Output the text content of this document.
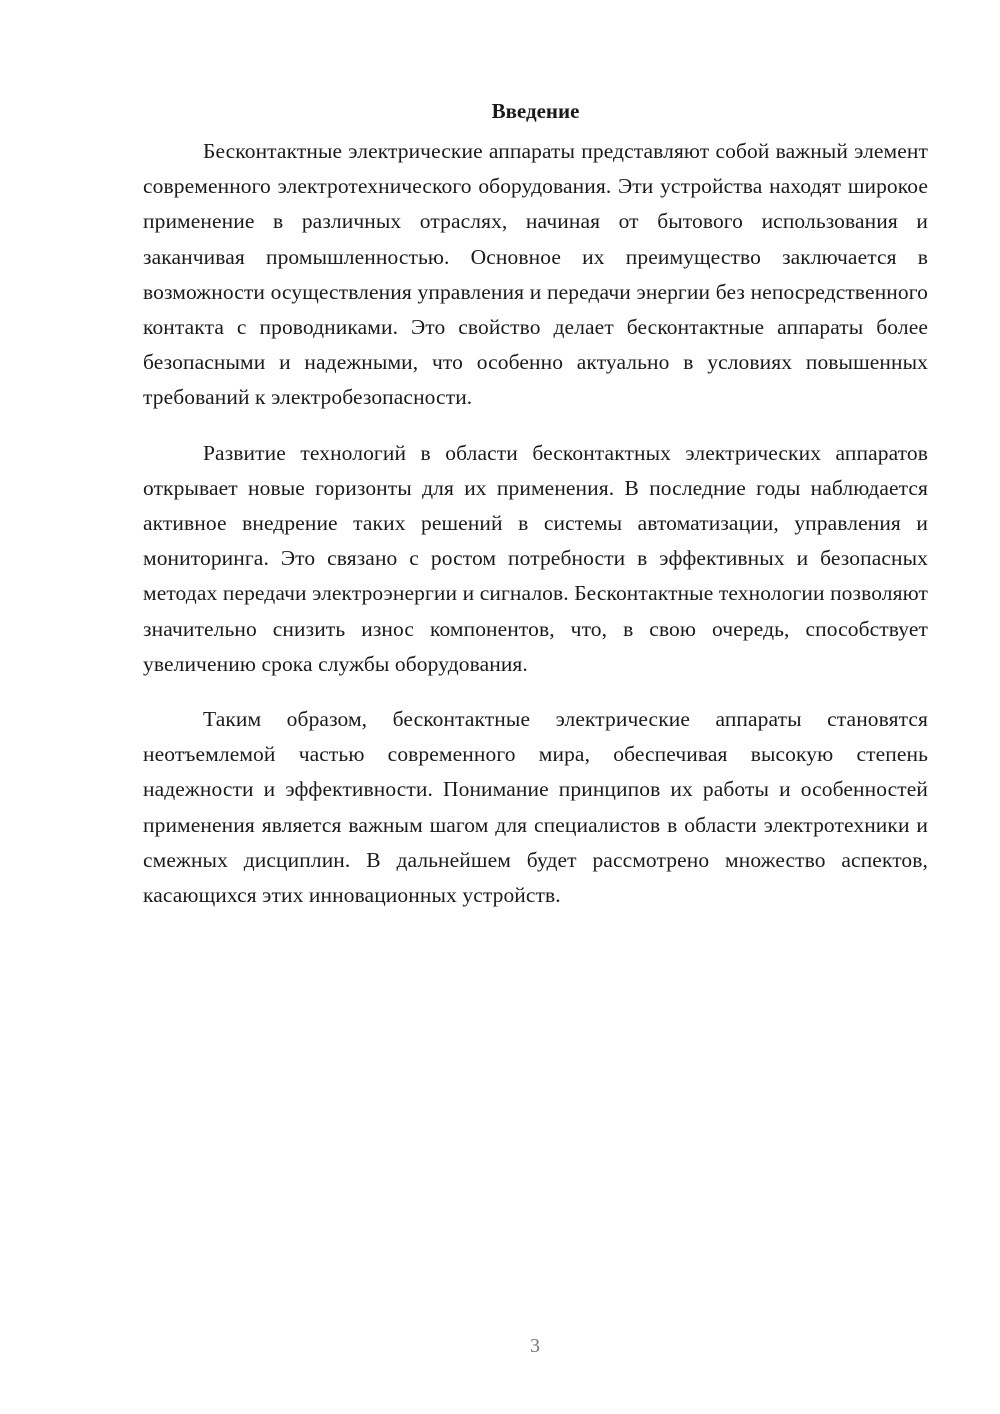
Введение

Бесконтактные электрические аппараты представляют собой важный элемент современного электротехнического оборудования. Эти устройства находят широкое применение в различных отраслях, начиная от бытового использования и заканчивая промышленностью. Основное их преимущество заключается в возможности осуществления управления и передачи энергии без непосредственного контакта с проводниками. Это свойство делает бесконтактные аппараты более безопасными и надежными, что особенно актуально в условиях повышенных требований к электробезопасности.

Развитие технологий в области бесконтактных электрических аппаратов открывает новые горизонты для их применения. В последние годы наблюдается активное внедрение таких решений в системы автоматизации, управления и мониторинга. Это связано с ростом потребности в эффективных и безопасных методах передачи электроэнергии и сигналов. Бесконтактные технологии позволяют значительно снизить износ компонентов, что, в свою очередь, способствует увеличению срока службы оборудования.

Таким образом, бесконтактные электрические аппараты становятся неотъемлемой частью современного мира, обеспечивая высокую степень надежности и эффективности. Понимание принципов их работы и особенностей применения является важным шагом для специалистов в области электротехники и смежных дисциплин. В дальнейшем будет рассмотрено множество аспектов, касающихся этих инновационных устройств.

3
